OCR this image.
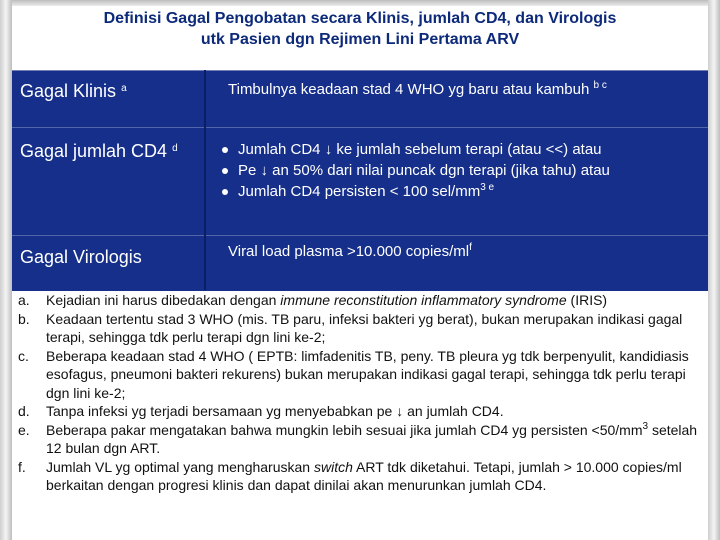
Definisi Gagal Pengobatan secara Klinis, jumlah CD4, dan Virologis
utk Pasien dgn Rejimen Lini Pertama ARV
Gagal Klinis $^a$	Timbulnya keadaan stad 4 WHO yg baru atau kambuh $^{b c}$
Gagal jumlah CD4 $^d$	Jumlah CD4 ↓ ke jumlah sebelum terapi (atau <<) atau
Pe ↓ an 50% dari nilai puncak dgn terapi (jika tahu) atau
Jumlah CD4 persisten < 100 sel/$mm^{3 e}$
Gagal Virologis	Viral load plasma >10.000 copies/$ml^f$
a. Kejadian ini harus dibedakan dengan immune reconstitution inflammatory syndrome (IRIS)
b. Keadaan tertentu stad 3 WHO (mis. TB paru, infeksi bakteri yg berat), bukan merupakan indikasi gagal terapi, sehingga tdk perlu terapi dgn lini ke-2;
c. Beberapa keadaan stad 4 WHO ( EPTB: limfadenitis TB, peny. TB pleura yg tdk berpenyulit, kandidiasis esofagus, pneumoni bakteri rekurens) bukan merupakan indikasi gagal terapi, sehingga tdk perlu terapi dgn lini ke-2;
d. Tanpa infeksi yg terjadi bersamaan yg menyebabkan pe ↓ an jumlah CD4.
e. Beberapa pakar mengatakan bahwa mungkin lebih sesuai jika jumlah CD4 yg persisten $<50/mm^3$ setelah 12 bulan dgn ART.
f. Jumlah VL yg optimal yang mengharuskan switch ART tdk diketahui. Tetapi, jumlah > 10.000 copies/ml berkaitan dengan progresi klinis dan dapat dinilai akan menurunkan jumlah CD4.
